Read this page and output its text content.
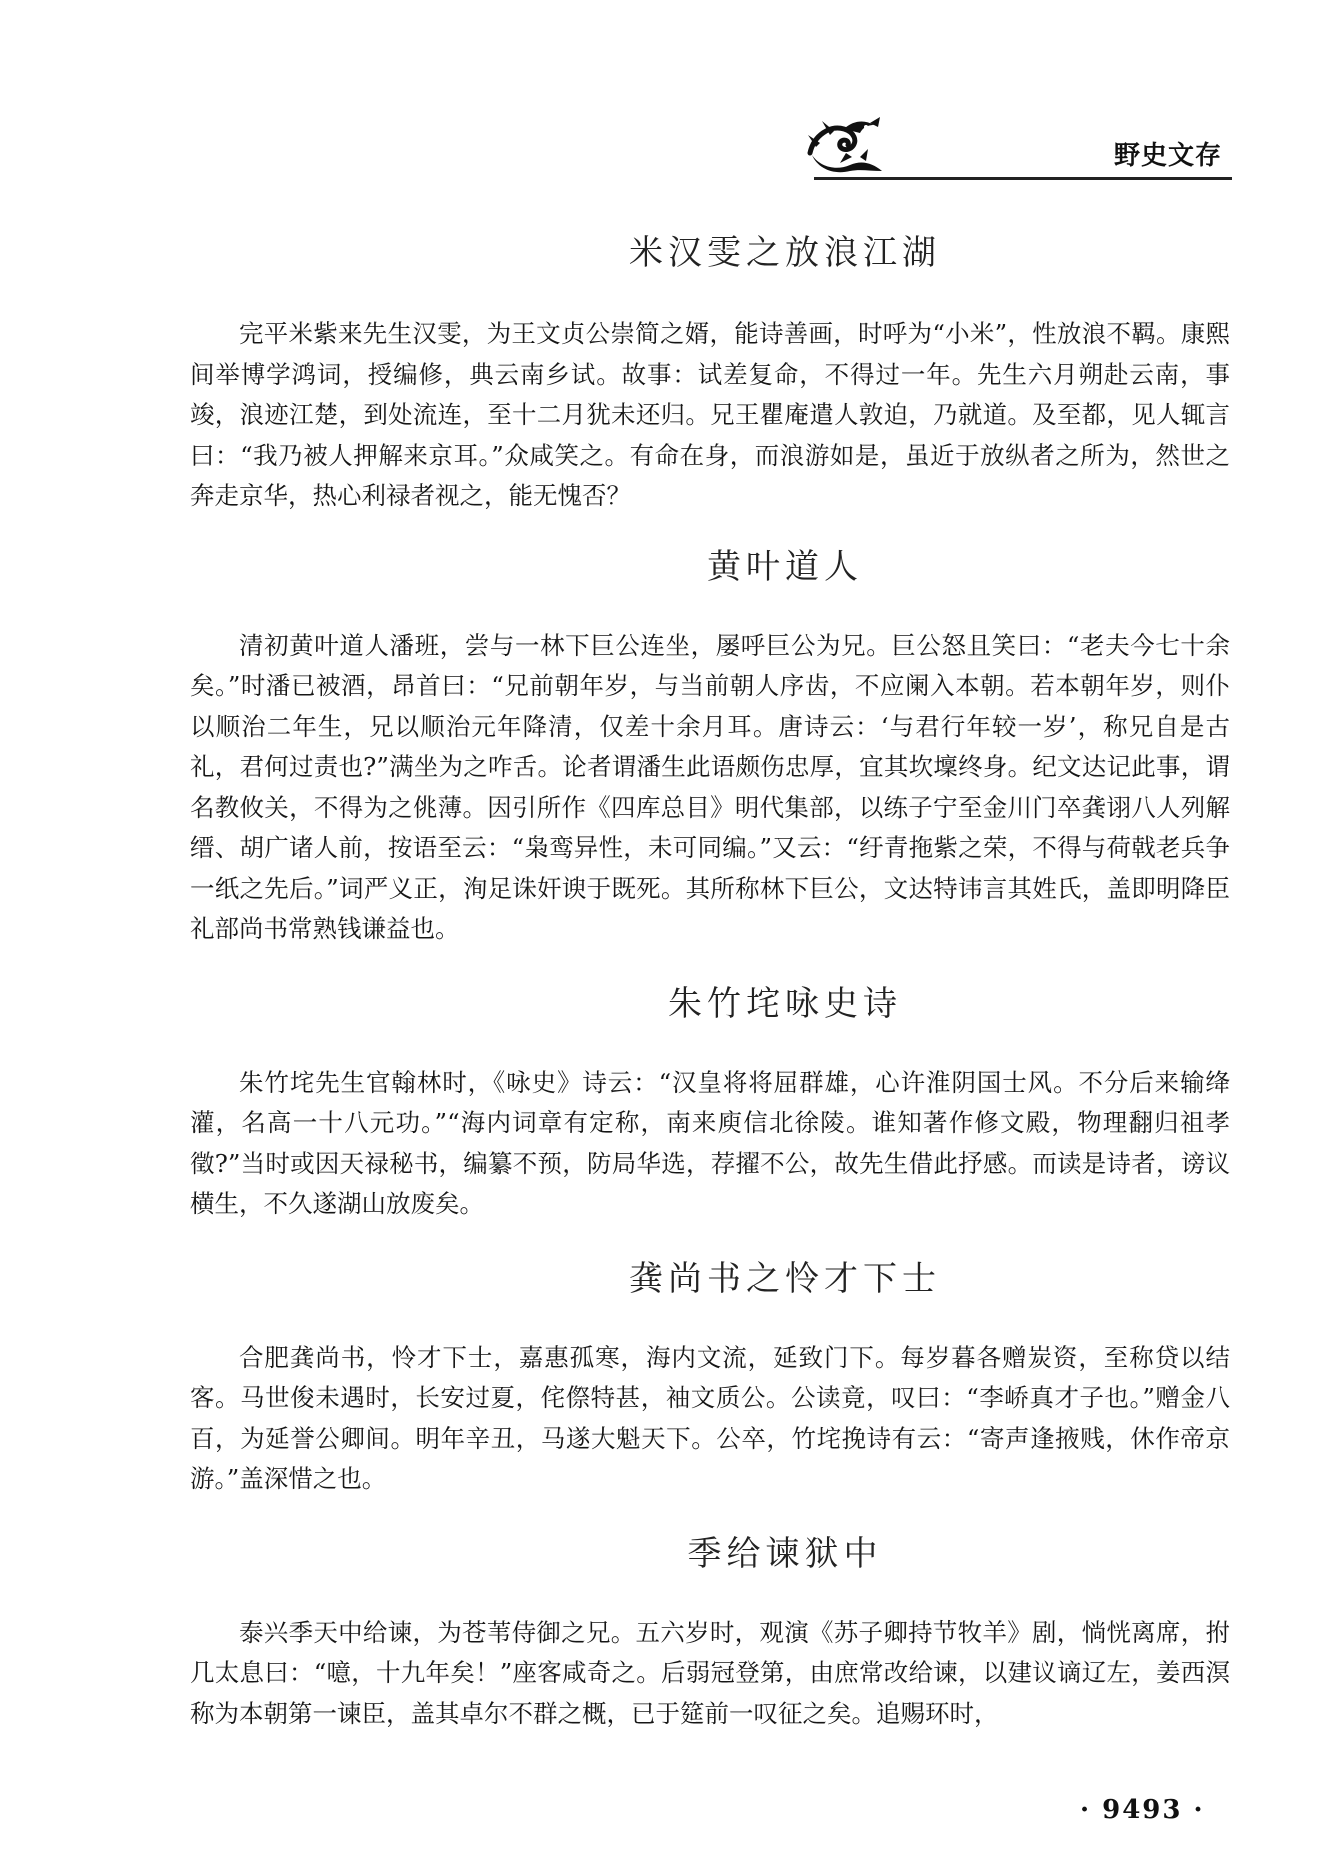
野史文存
米汉雯之放浪江湖

完平米紫来先生汉雯，为王文贞公崇简之婿，能诗善画，时呼为“小米”，性放浪不羁。康熙间举博学鸿词，授编修，典云南乡试。故事：试差复命，不得过一年。先生六月朔赴云南，事竣，浪迹江楚，到处流连，至十二月犹未还归。兄王瞿庵遣人敦迫，乃就道。及至都，见人辄言曰：“我乃被人押解来京耳。”众咸笑之。有命在身，而浪游如是，虽近于放纵者之所为，然世之奔走京华，热心利禄者视之，能无愧否？

黄叶道人

清初黄叶道人潘班，尝与一林下巨公连坐，屡呼巨公为兄。巨公怒且笑曰：“老夫今七十余矣。”时潘已被酒，昂首曰：“兄前朝年岁，与当前朝人序齿，不应阑入本朝。若本朝年岁，则仆以顺治二年生，兄以顺治元年降清，仅差十余月耳。唐诗云：‘与君行年较一岁’，称兄自是古礼，君何过责也?”满坐为之咋舌。论者谓潘生此语颇伤忠厚，宜其坎壈终身。纪文达记此事，谓名教攸关，不得为之佻薄。因引所作《四库总目》明代集部，以练子宁至金川门卒龚诩八人列解缙、胡广诸人前，按语至云：“枭鸾异性，未可同编。”又云：“纡青拖紫之荣，不得与荷戟老兵争一纸之先后。”词严义正，洵足诛奸谀于既死。其所称林下巨公，文达特讳言其姓氏，盖即明降臣礼部尚书常熟钱谦益也。

朱竹垞咏史诗

朱竹垞先生官翰林时，《咏史》诗云：“汉皇将将屈群雄，心许淮阴国士风。不分后来输绛灌，名高一十八元功。”“海内词章有定称，南来庾信北徐陵。谁知著作修文殿，物理翻归祖孝徵?”当时或因天禄秘书，编纂不预，防局华选，荐擢不公，故先生借此抒感。而读是诗者，谤议横生，不久遂湖山放废矣。

龚尚书之怜才下士

合肥龚尚书，怜才下士，嘉惠孤寒，海内文流，延致门下。每岁暮各赠炭资，至称贷以结客。马世俊未遇时，长安过夏，侘傺特甚，袖文质公。公读竟，叹曰：“李峤真才子也。”赠金八百，为延誉公卿间。明年辛丑，马遂大魁天下。公卒，竹垞挽诗有云：“寄声逢掖贱，休作帝京游。”盖深惜之也。

季给谏狱中

泰兴季天中给谏，为苍苇侍御之兄。五六岁时，观演《苏子卿持节牧羊》剧，惝恍离席，拊几太息曰：“噫，十九年矣！”座客咸奇之。后弱冠登第，由庶常改给谏，以建议谪辽左，姜西溟称为本朝第一谏臣，盖其卓尔不群之概，已于筵前一叹征之矣。追赐环时，

· 9493 ·
